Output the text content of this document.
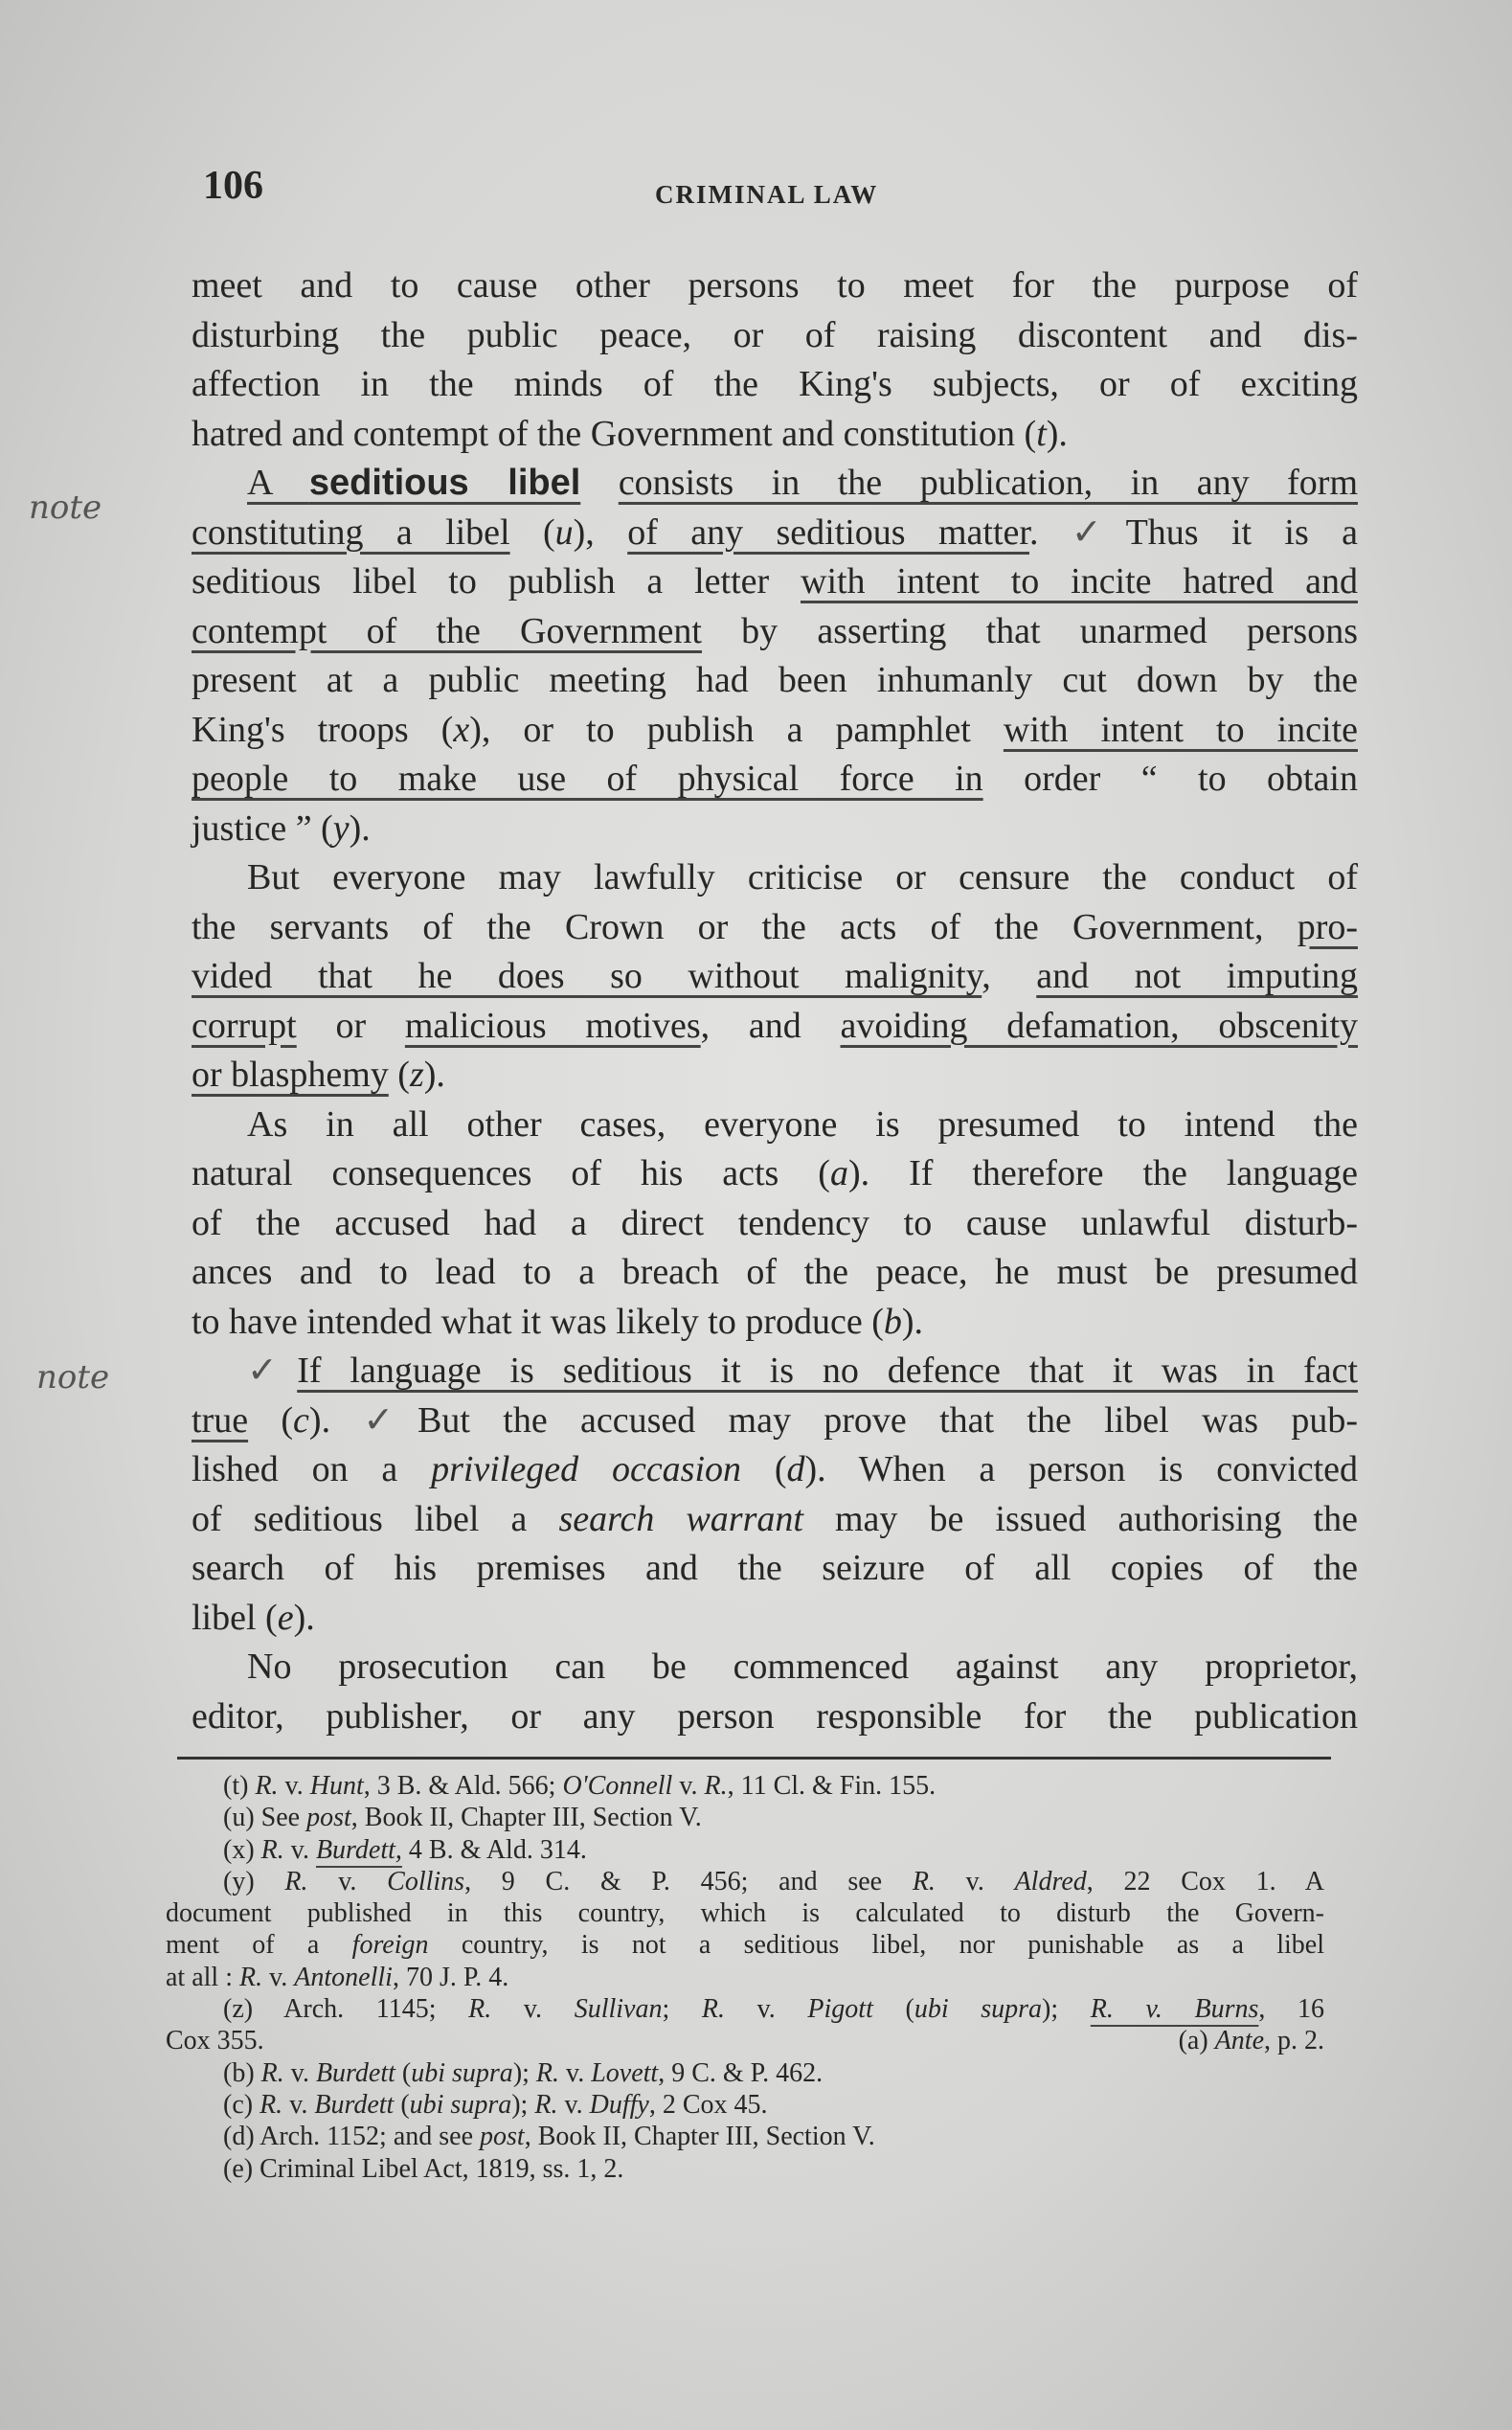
106	CRIMINAL LAW
note
note
meet and to cause other persons to meet for the purpose of
disturbing the public peace, or of raising discontent and dis-
affection in the minds of the King's subjects, or of exciting
hatred and contempt of the Government and constitution (t).
A seditious libel consists in the publication, in any form
constituting a libel (u), of any seditious matter. ✓Thus it is a
seditious libel to publish a letter with intent to incite hatred and
contempt of the Government by asserting that unarmed persons
present at a public meeting had been inhumanly cut down by the
King's troops (x), or to publish a pamphlet with intent to incite
people to make use of physical force in order “ to obtain
justice ” (y).
But everyone may lawfully criticise or censure the conduct of
the servants of the Crown or the acts of the Government, pro-
vided that he does so without malignity, and not imputing
corrupt or malicious motives, and avoiding defamation, obscenity
or blasphemy (z).
As in all other cases, everyone is presumed to intend the
natural consequences of his acts (a). If therefore the language
of the accused had a direct tendency to cause unlawful disturb-
ances and to lead to a breach of the peace, he must be presumed
to have intended what it was likely to produce (b).
✓If language is seditious it is no defence that it was in fact
true (c). ✓But the accused may prove that the libel was pub-
lished on a privileged occasion (d). When a person is convicted
of seditious libel a search warrant may be issued authorising the
search of his premises and the seizure of all copies of the
libel (e).
No prosecution can be commenced against any proprietor,
editor, publisher, or any person responsible for the publication
(t) R. v. Hunt, 3 B. & Ald. 566; O'Connell v. R., 11 Cl. & Fin. 155.
(u) See post, Book II, Chapter III, Section V.
(x) R. v. Burdett, 4 B. & Ald. 314.
(y) R. v. Collins, 9 C. & P. 456; and see R. v. Aldred, 22 Cox 1. A
document published in this country, which is calculated to disturb the Govern-
ment of a foreign country, is not a seditious libel, nor punishable as a libel
at all : R. v. Antonelli, 70 J. P. 4.
(z) Arch. 1145; R. v. Sullivan; R. v. Pigott (ubi supra); R. v. Burns, 16
Cox 355.	(a) Ante, p. 2.
(b) R. v. Burdett (ubi supra); R. v. Lovett, 9 C. & P. 462.
(c) R. v. Burdett (ubi supra); R. v. Duffy, 2 Cox 45.
(d) Arch. 1152; and see post, Book II, Chapter III, Section V.
(e) Criminal Libel Act, 1819, ss. 1, 2.
